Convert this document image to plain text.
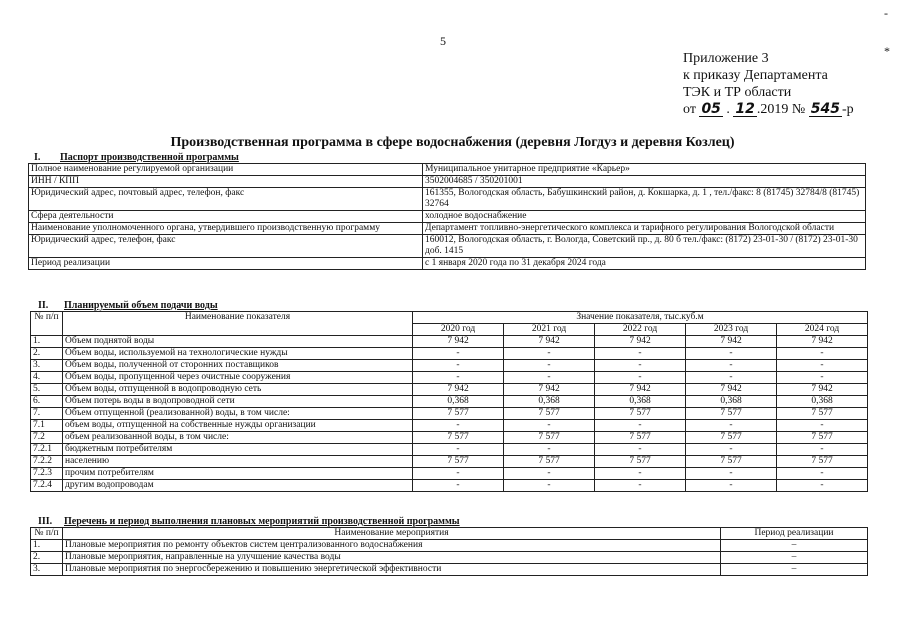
5
-
*
Приложение 3
к приказу Департамента
ТЭК и ТР области
от 05 . 12 .2019 № 545 -р
Производственная программа в сфере водоснабжения (деревня Логдуз и деревня Козлец)
I. Паспорт производственной программы
Полное наименование регулируемой организации	Муниципальное унитарное предприятие «Карьер»
ИНН / КПП	3502004685 / 350201001
Юридический адрес, почтовый адрес, телефон, факс	161355, Вологодская область, Бабушкинский район, д. Кокшарка, д. 1 , тел./факс: 8 (81745) 32784/8 (81745) 32764
Сфера деятельности	холодное водоснабжение
Наименование уполномоченного органа, утвердившего производственную программу	Департамент топливно-энергетического комплекса и тарифного регулирования Вологодской области
Юридический адрес, телефон, факс	160012, Вологодская область, г. Вологда, Советский пр., д. 80 б тел./факс: (8172) 23-01-30 / (8172) 23-01-30 доб. 1415
Период реализации	с 1 января 2020 года по 31 декабря 2024 года
II. Планируемый объем подачи воды
№ п/п	Наименование показателя	Значение показателя, тыс.куб.м				
		2020 год	2021 год	2022 год	2023 год	2024 год
1.	Объем поднятой воды	7 942	7 942	7 942	7 942	7 942
2.	Объем воды, используемой на технологические нужды	-	-	-	-	-
3.	Объем воды, полученной от сторонних поставщиков	-	-	-	-	-
4.	Объем воды, пропущенной через очистные сооружения	-	-	-	-	-
5.	Объем воды, отпущенной в водопроводную сеть	7 942	7 942	7 942	7 942	7 942
6.	Объем потерь воды в водопроводной сети	0,368	0,368	0,368	0,368	0,368
7.	Объем отпущенной (реализованной) воды, в том числе:	7 577	7 577	7 577	7 577	7 577
7.1	объем воды, отпущенной на собственные нужды организации	-	-	-	-	-
7.2	объем реализованной воды, в том числе:	7 577	7 577	7 577	7 577	7 577
7.2.1	бюджетным потребителям	-	-	-	-	-
7.2.2	населению	7 577	7 577	7 577	7 577	7 577
7.2.3	прочим потребителям	-	-	-	-	-
7.2.4	другим водопроводам	-	-	-	-	-
III. Перечень и период выполнения плановых мероприятий производственной программы
№ п/п	Наименование мероприятия	Период реализации
1.	Плановые мероприятия по ремонту объектов систем централизованного водоснабжения	–
2.	Плановые мероприятия, направленные на улучшение качества воды	–
3.	Плановые мероприятия по энергосбережению и повышению энергетической эффективности	–
